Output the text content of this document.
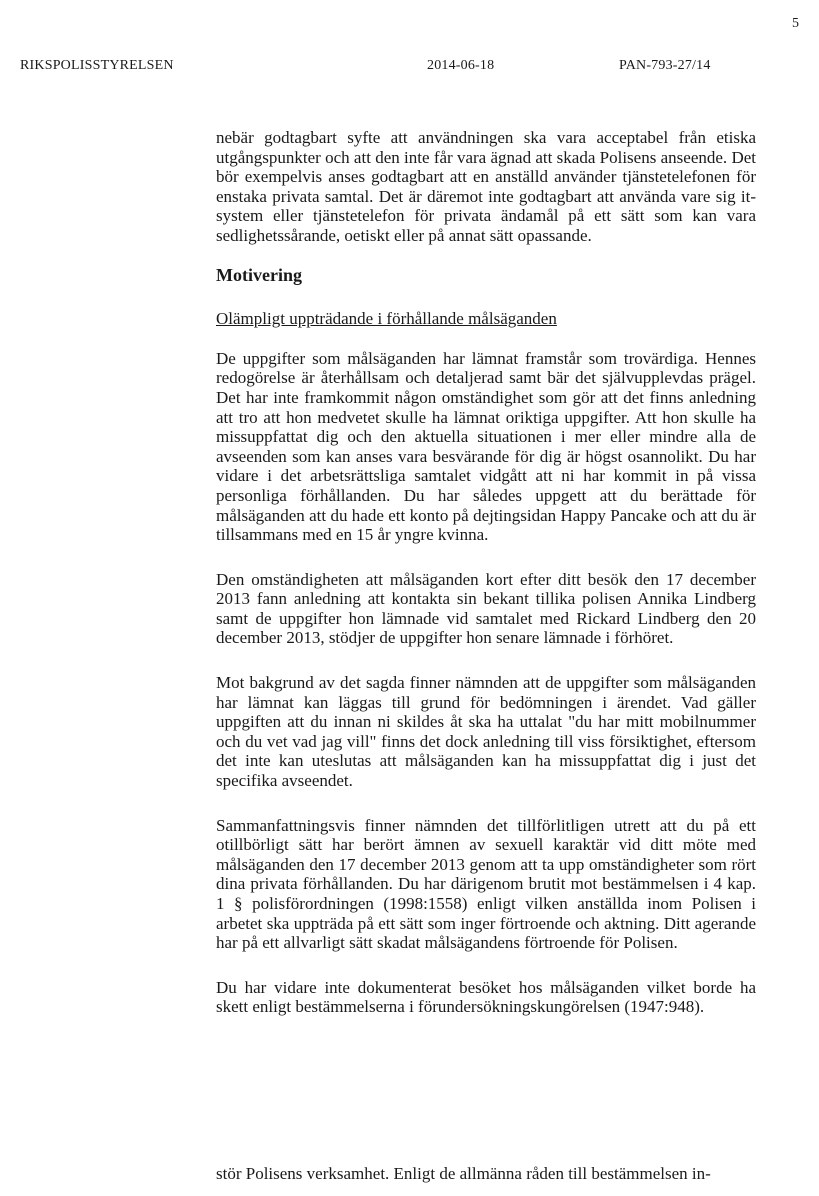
5
RIKSPOLISSTYRELSEN	2014-06-18	PAN-793-27/14

nebär godtagbart syfte att användningen ska vara acceptabel från etiska utgångspunkter och att den inte får vara ägnad att skada Polisens anseende. Det bör exempelvis anses godtagbart att en anställd använder tjänstetelefonen för enstaka privata samtal. Det är däremot inte godtagbart att använda vare sig it-system eller tjänstetelefon för privata ändamål på ett sätt som kan vara sedlighetssårande, oetiskt eller på annat sätt opassande.

Motivering
Olämpligt uppträdande i förhållande målsäganden

De uppgifter som målsäganden har lämnat framstår som trovärdiga. Hennes redogörelse är återhållsam och detaljerad samt bär det självupplevdas prägel. Det har inte framkommit någon omständighet som gör att det finns anledning att tro att hon medvetet skulle ha lämnat oriktiga uppgifter. Att hon skulle ha missuppfattat dig och den aktuella situationen i mer eller mindre alla de avseenden som kan anses vara besvärande för dig är högst osannolikt. Du har vidare i det arbetsrättsliga samtalet vidgått att ni har kommit in på vissa personliga förhållanden. Du har således uppgett att du berättade för målsäganden att du hade ett konto på dejtingsidan Happy Pancake och att du är tillsammans med en 15 år yngre kvinna.

Den omständigheten att målsäganden kort efter ditt besök den 17 december 2013 fann anledning att kontakta sin bekant tillika polisen Annika Lindberg samt de uppgifter hon lämnade vid samtalet med Rickard Lindberg den 20 december 2013, stödjer de uppgifter hon senare lämnade i förhöret.

Mot bakgrund av det sagda finner nämnden att de uppgifter som målsäganden har lämnat kan läggas till grund för bedömningen i ärendet. Vad gäller uppgiften att du innan ni skildes åt ska ha uttalat "du har mitt mobilnummer och du vet vad jag vill" finns det dock anledning till viss försiktighet, eftersom det inte kan uteslutas att målsäganden kan ha missuppfattat dig i just det specifika avseendet.

Sammanfattningsvis finner nämnden det tillförlitligen utrett att du på ett otillbörligt sätt har berört ämnen av sexuell karaktär vid ditt möte med målsäganden den 17 december 2013 genom att ta upp omständigheter som rört dina privata förhållanden. Du har därigenom brutit mot bestämmelsen i 4 kap. 1 § polisförordningen (1998:1558) enligt vilken anställda inom Polisen i arbetet ska uppträda på ett sätt som inger förtroende och aktning. Ditt agerande har på ett allvarligt sätt skadat målsägandens förtroende för Polisen.

Du har vidare inte dokumenterat besöket hos målsäganden vilket borde ha skett enligt bestämmelserna i förundersökningskungörelsen (1947:948).

stör Polisens verksamhet. Enligt de allmänna råden till bestämmelsen in-
